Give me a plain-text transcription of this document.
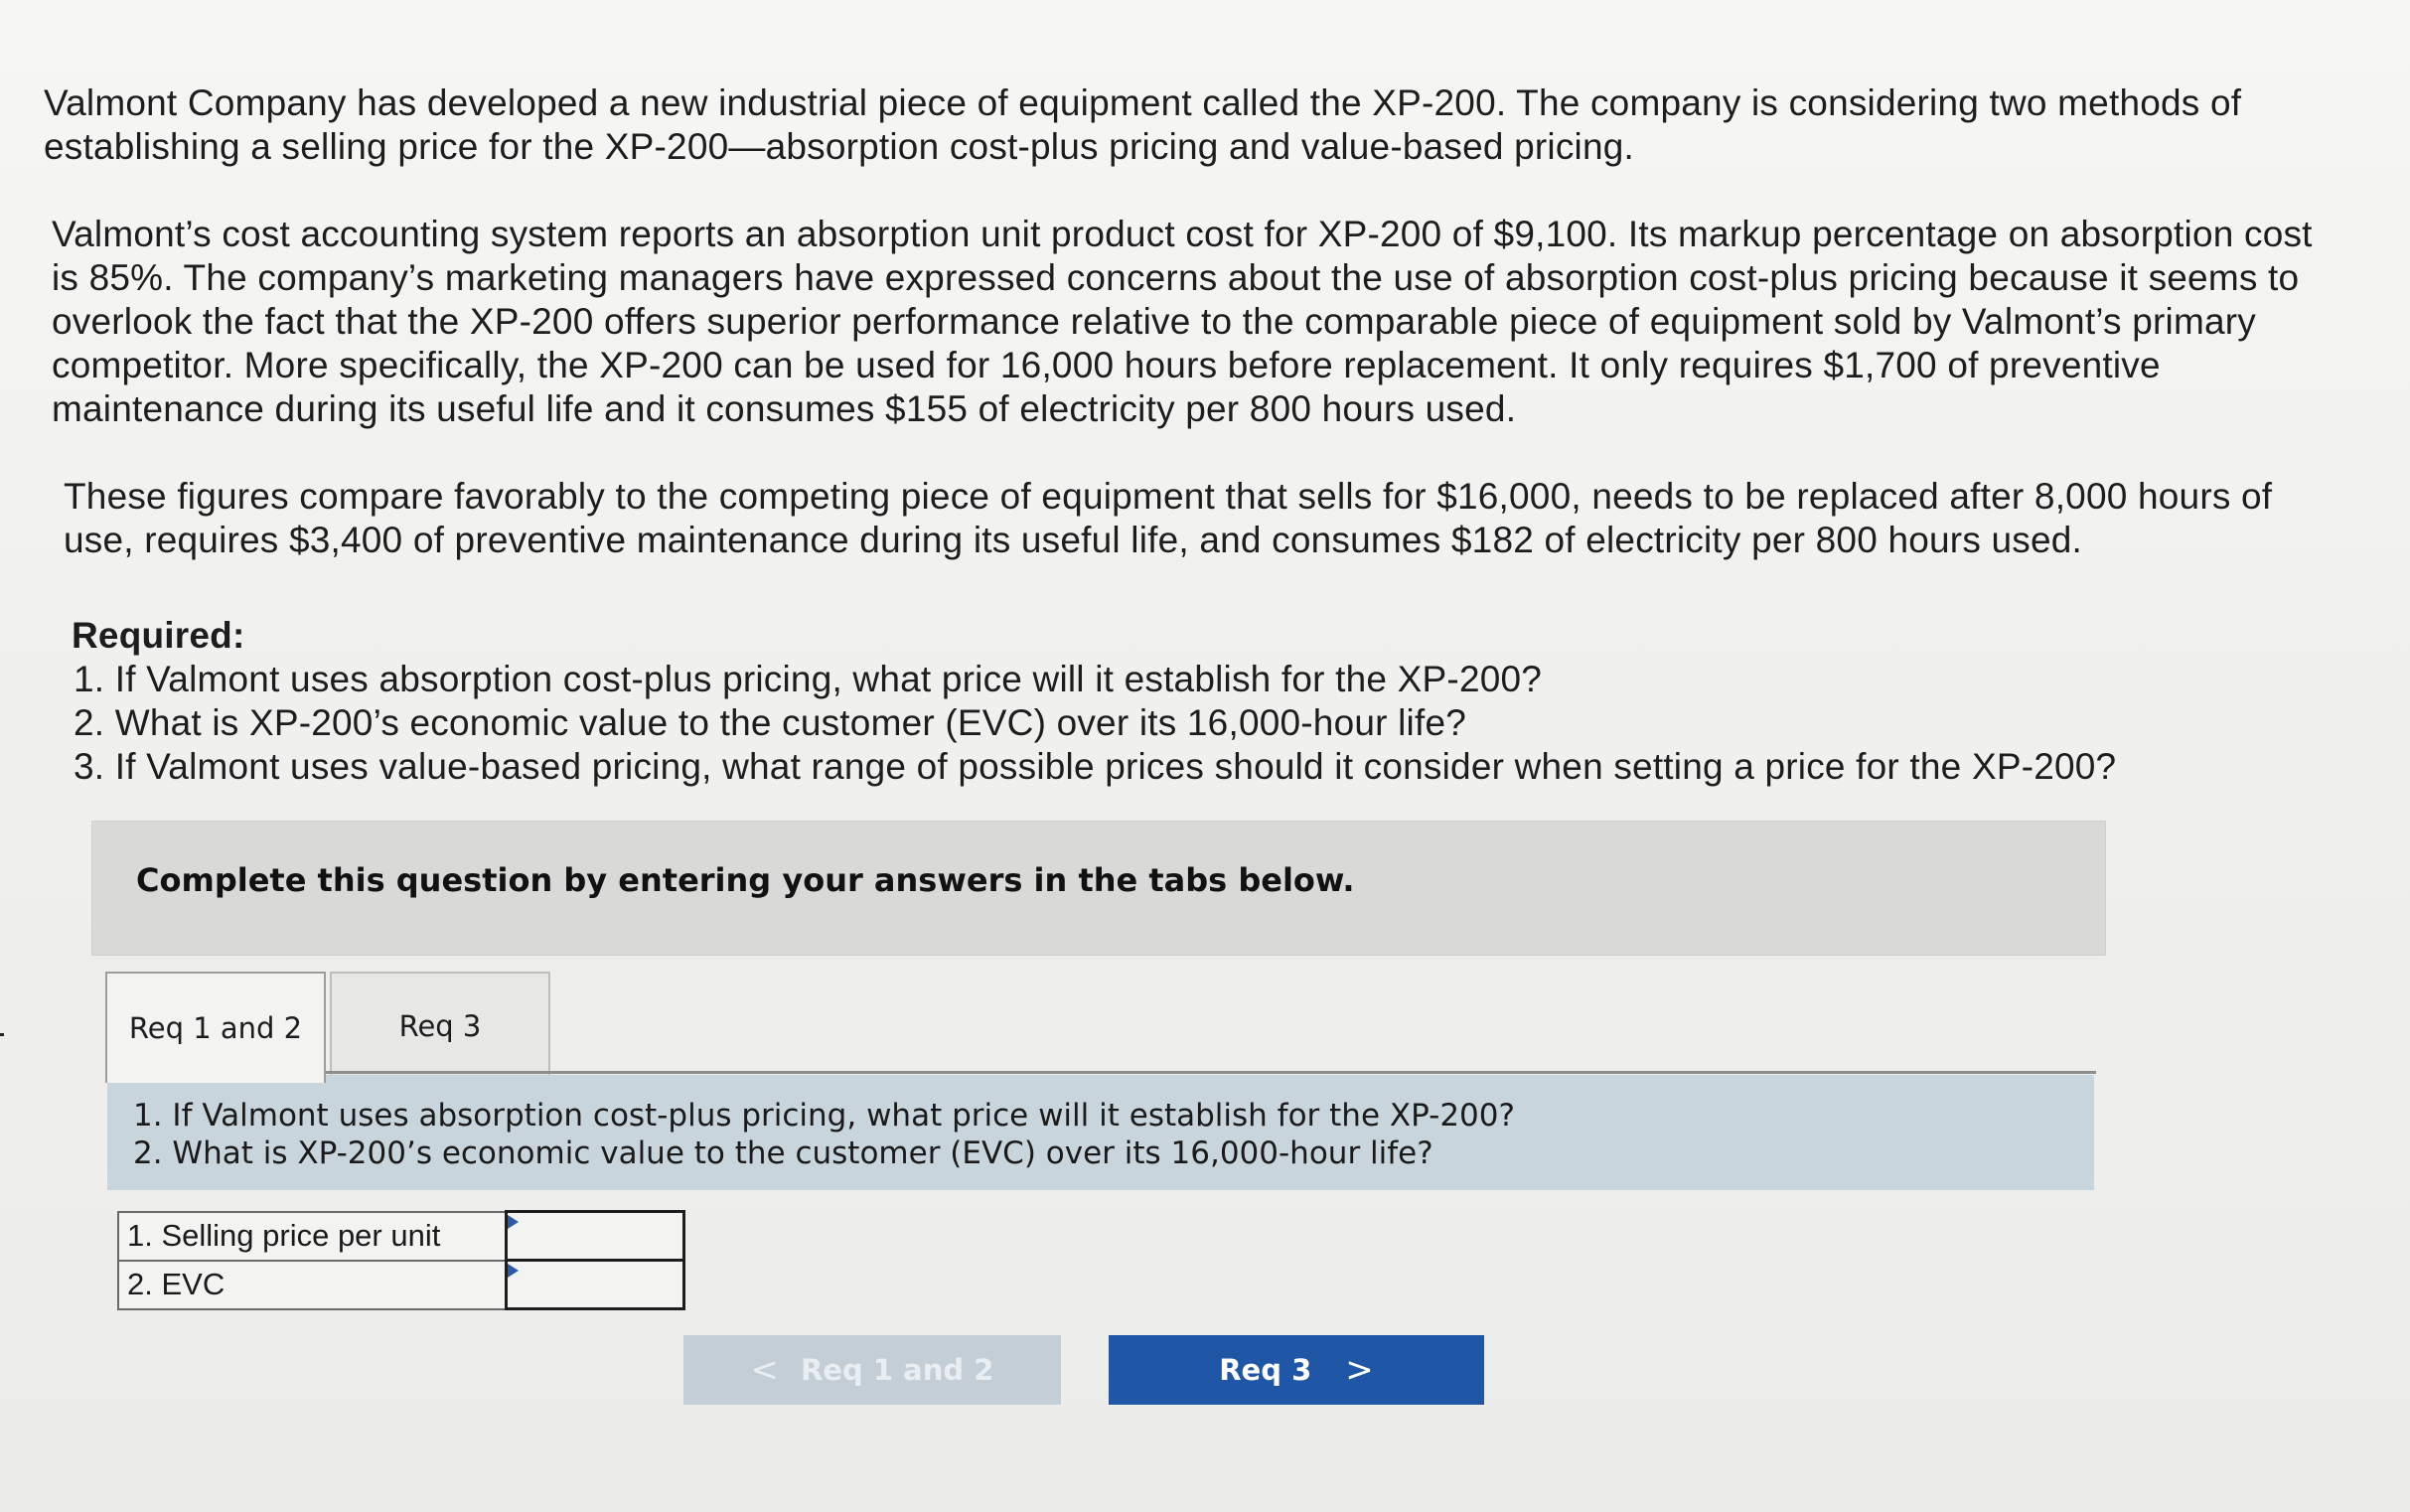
Valmont Company has developed a new industrial piece of equipment called the XP-200. The company is considering two methods of establishing a selling price for the XP-200—absorption cost-plus pricing and value-based pricing.

Valmont’s cost accounting system reports an absorption unit product cost for XP-200 of $9,100. Its markup percentage on absorption cost is 85%. The company’s marketing managers have expressed concerns about the use of absorption cost-plus pricing because it seems to overlook the fact that the XP-200 offers superior performance relative to the comparable piece of equipment sold by Valmont’s primary competitor. More specifically, the XP-200 can be used for 16,000 hours before replacement. It only requires $1,700 of preventive maintenance during its useful life and it consumes $155 of electricity per 800 hours used.

These figures compare favorably to the competing piece of equipment that sells for $16,000, needs to be replaced after 8,000 hours of use, requires $3,400 of preventive maintenance during its useful life, and consumes $182 of electricity per 800 hours used.

Required:

1. If Valmont uses absorption cost-plus pricing, what price will it establish for the XP-200?
2. What is XP-200’s economic value to the customer (EVC) over its 16,000-hour life?
3. If Valmont uses value-based pricing, what range of possible prices should it consider when setting a price for the XP-200?
Complete this question by entering your answers in the tabs below.
Req 1 and 2	Req 3
1. If Valmont uses absorption cost-plus pricing, what price will it establish for the XP-200?
2. What is XP-200’s economic value to the customer (EVC) over its 16,000-hour life?
1. Selling price per unit	
2. EVC	
< Req 1 and 2	Req 3 >
